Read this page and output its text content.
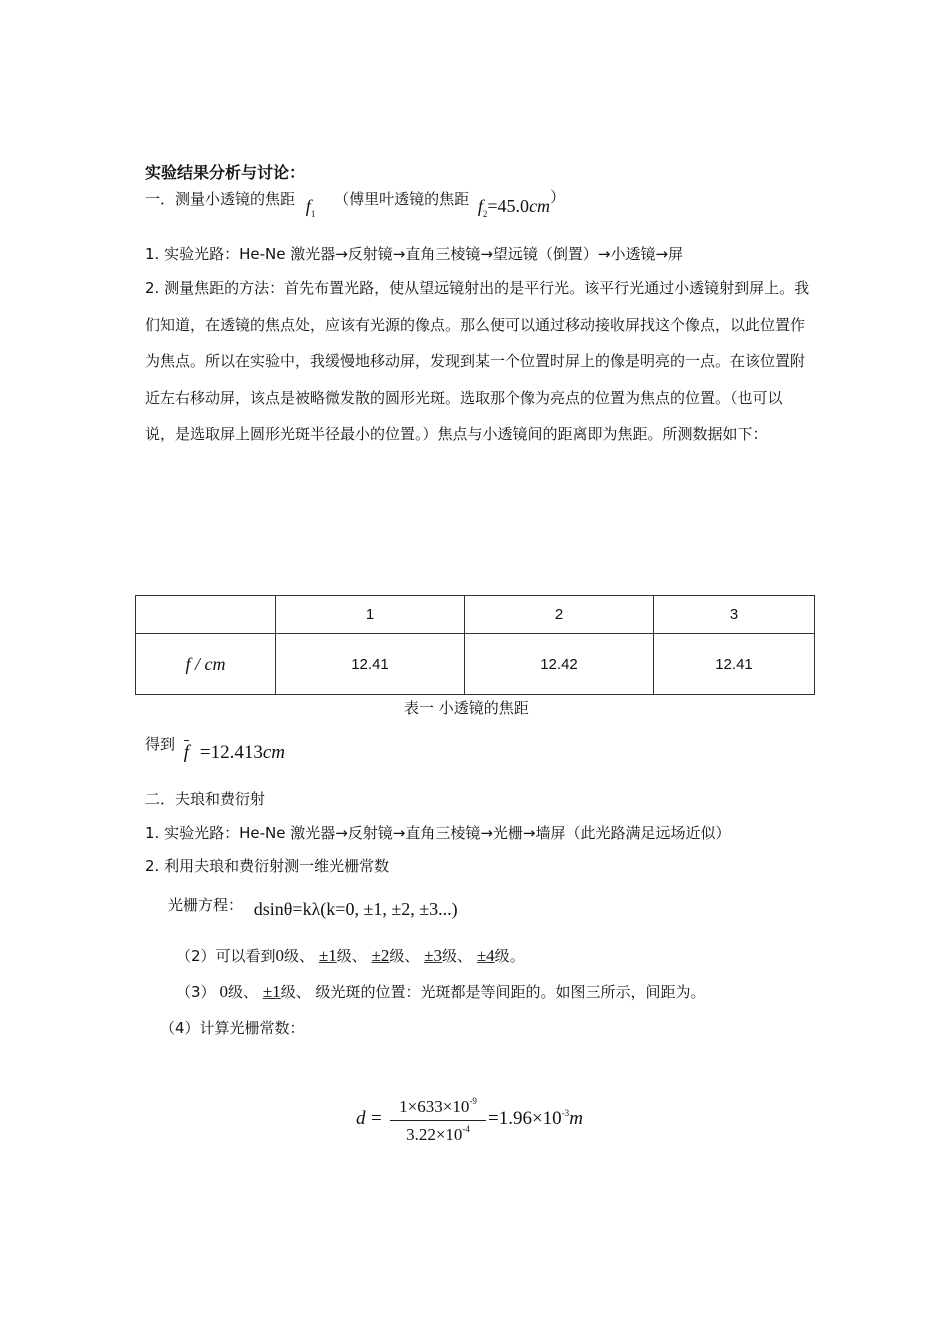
实验结果分析与讨论：
一．测量小透镜的焦距 $f_1$ （傅里叶透镜的焦距 $f_2=45.0cm$）
1. 实验光路：He-Ne 激光器→反射镜→直角三棱镜→望远镜（倒置）→小透镜→屏
2. 测量焦距的方法：首先布置光路，使从望远镜射出的是平行光。该平行光通过小透镜射到屏上。我们知道，在透镜的焦点处，应该有光源的像点。那么便可以通过移动接收屏找这个像点，以此位置作为焦点。所以在实验中，我缓慢地移动屏，发现到某一个位置时屏上的像是明亮的一点。在该位置附近左右移动屏，该点是被略微发散的圆形光斑。选取那个像为亮点的位置为焦点的位置。（也可以说，是选取屏上圆形光斑半径最小的位置。）焦点与小透镜间的距离即为焦距。所测数据如下：
	1	2	3
f / cm	12.41	12.42	12.41
表一 小透镜的焦距
得到 f =12.413cm
二．夫琅和费衍射
1. 实验光路：He-Ne 激光器→反射镜→直角三棱镜→光栅→墙屏（此光路满足远场近似）
2. 利用夫琅和费衍射测一维光栅常数
光栅方程： dsinθ=kλ(k=0, ±1, ±2, ±3...)
（2）可以看到0级、 ±1级、 ±2级、 ±3级、 ±4级。
（3） 0级、 ±1级、 级光斑的位置：光斑都是等间距的。如图三所示，间距为。
（4）计算光栅常数：
d =
$1\times 633\times 10^{-9}$
$3.22\times 10^{-4} =1.96\times 10^{-3}m$
